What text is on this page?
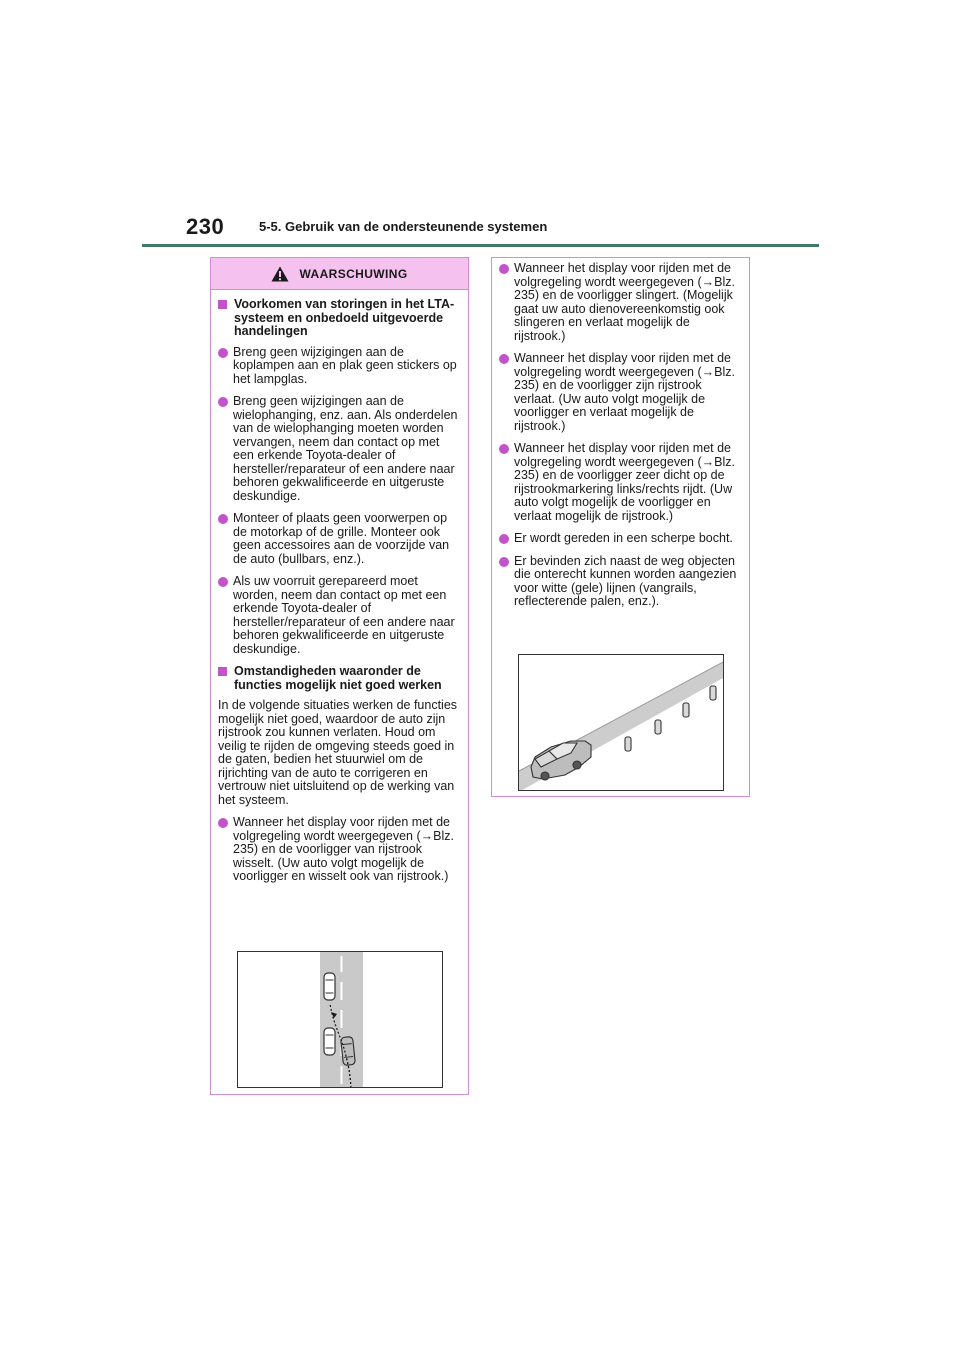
230	5-5. Gebruik van de ondersteunende systemen
WAARSCHUWING
Voorkomen van storingen in het LTA-systeem en onbedoeld uitgevoerde handelingen
Breng geen wijzigingen aan de koplampen aan en plak geen stickers op het lampglas.
Breng geen wijzigingen aan de wielophanging, enz. aan. Als onderdelen van de wielophanging moeten worden vervangen, neem dan contact op met een erkende Toyota-dealer of hersteller/reparateur of een andere naar behoren gekwalificeerde en uitgeruste deskundige.
Monteer of plaats geen voorwerpen op de motorkap of de grille. Monteer ook geen accessoires aan de voorzijde van de auto (bullbars, enz.).
Als uw voorruit gerepareerd moet worden, neem dan contact op met een erkende Toyota-dealer of hersteller/reparateur of een andere naar behoren gekwalificeerde en uitgeruste deskundige.
Omstandigheden waaronder de functies mogelijk niet goed werken
In de volgende situaties werken de functies mogelijk niet goed, waardoor de auto zijn rijstrook zou kunnen verlaten. Houd om veilig te rijden de omgeving steeds goed in de gaten, bedien het stuurwiel om de rijrichting van de auto te corrigeren en vertrouw niet uitsluitend op de werking van het systeem.
Wanneer het display voor rijden met de volgregeling wordt weergegeven (→Blz. 235) en de voorligger van rijstrook wisselt. (Uw auto volgt mogelijk de voorligger en wisselt ook van rijstrook.)
Wanneer het display voor rijden met de volgregeling wordt weergegeven (→Blz. 235) en de voorligger slingert. (Mogelijk gaat uw auto dienovereenkomstig ook slingeren en verlaat mogelijk de rijstrook.)
Wanneer het display voor rijden met de volgregeling wordt weergegeven (→Blz. 235) en de voorligger zijn rijstrook verlaat. (Uw auto volgt mogelijk de voorligger en verlaat mogelijk de rijstrook.)
Wanneer het display voor rijden met de volgregeling wordt weergegeven (→Blz. 235) en de voorligger zeer dicht op de rijstrookmarkering links/rechts rijdt. (Uw auto volgt mogelijk de voorligger en verlaat mogelijk de rijstrook.)
Er wordt gereden in een scherpe bocht.
Er bevinden zich naast de weg objecten die onterecht kunnen worden aangezien voor witte (gele) lijnen (vangrails, reflecterende palen, enz.).
